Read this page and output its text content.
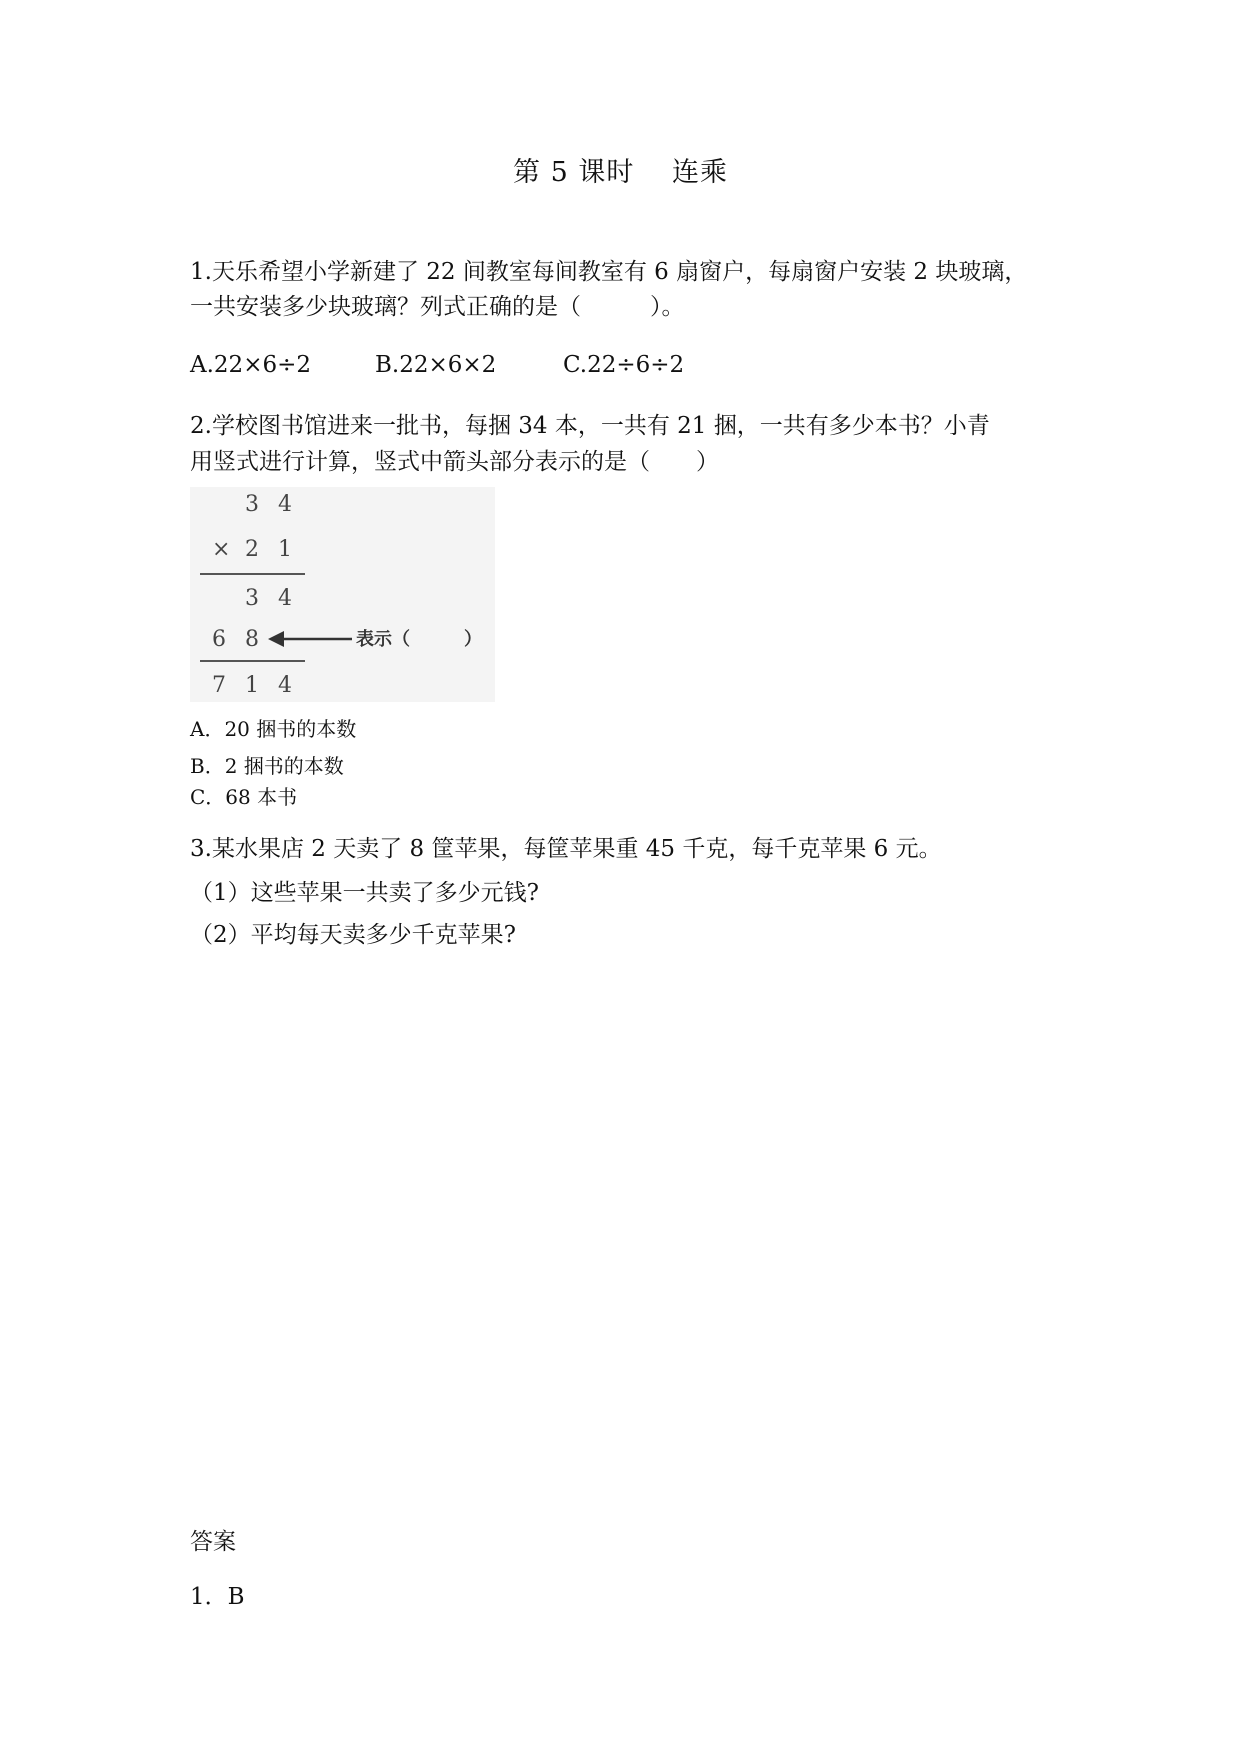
第 5 课时　 连乘
1.天乐希望小学新建了 22 间教室每间教室有 6 扇窗户，每扇窗户安装 2 块玻璃，
一共安装多少块玻璃？列式正确的是（　　　）。
A.22×6÷2	B.22×6×2	C.22÷6÷2
2.学校图书馆进来一批书，每捆 34 本，一共有 21 捆，一共有多少本书？小青
用竖式进行计算，竖式中箭头部分表示的是（　　）
3 4
× 2 1
3 4
6 8	表示（　　　）
7 1 4
A．20 捆书的本数
B．2 捆书的本数
C．68 本书
3.某水果店 2 天卖了 8 筐苹果，每筐苹果重 45 千克，每千克苹果 6 元。
（1）这些苹果一共卖了多少元钱?
（2）平均每天卖多少千克苹果?
答案
1．B
